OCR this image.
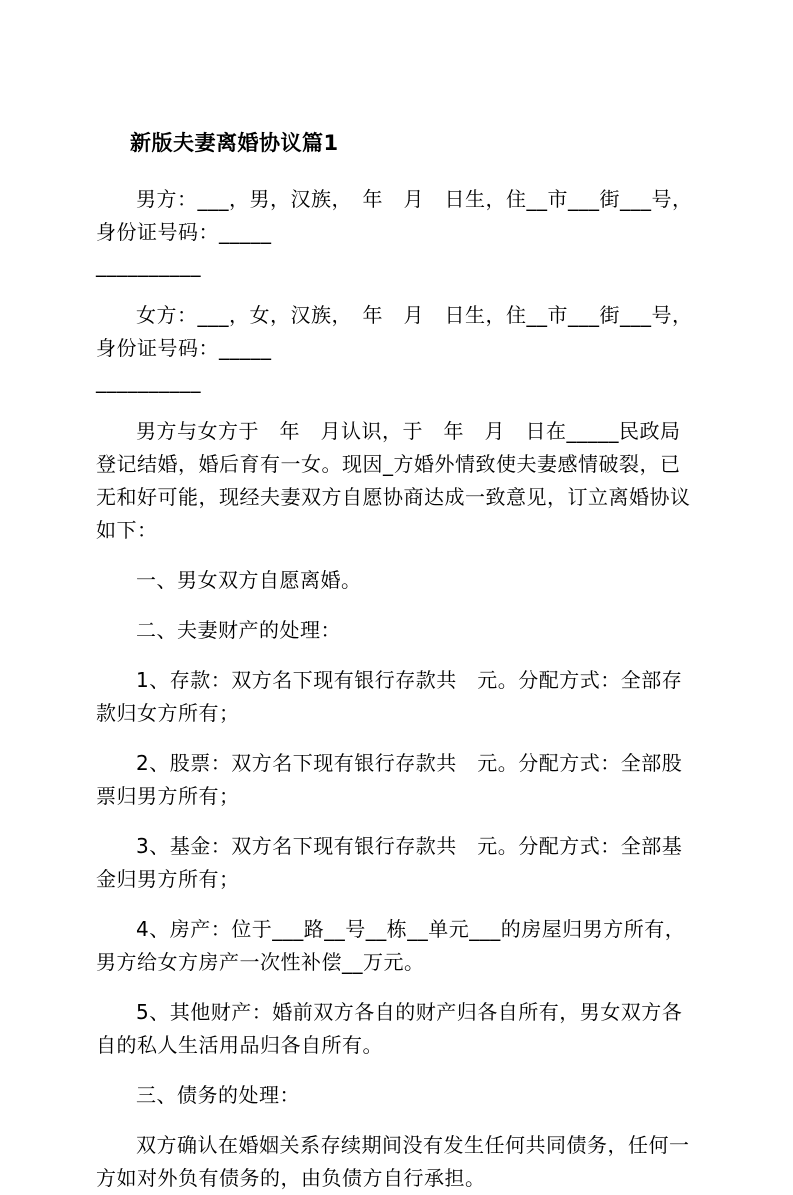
新版夫妻离婚协议篇1

男方：___，男，汉族，　年　月　日生，住__市___街___号，身份证号码：_____
__________

女方：___，女，汉族，　年　月　日生，住__市___街___号，身份证号码：_____
__________

男方与女方于　年　月认识，于　年　月　日在_____民政局登记结婚，婚后育有一女。现因_方婚外情致使夫妻感情破裂，已无和好可能，现经夫妻双方自愿协商达成一致意见，订立离婚协议如下：

一、男女双方自愿离婚。

二、夫妻财产的处理：

1、存款：双方名下现有银行存款共　元。分配方式：全部存款归女方所有；

2、股票：双方名下现有银行存款共　元。分配方式：全部股票归男方所有；

3、基金：双方名下现有银行存款共　元。分配方式：全部基金归男方所有；

4、房产：位于___路__号__栋__单元___的房屋归男方所有，男方给女方房产一次性补偿__万元。

5、其他财产：婚前双方各自的财产归各自所有，男女双方各自的私人生活用品归各自所有。

三、债务的处理：

双方确认在婚姻关系存续期间没有发生任何共同债务，任何一方如对外负有债务的，由负债方自行承担。
